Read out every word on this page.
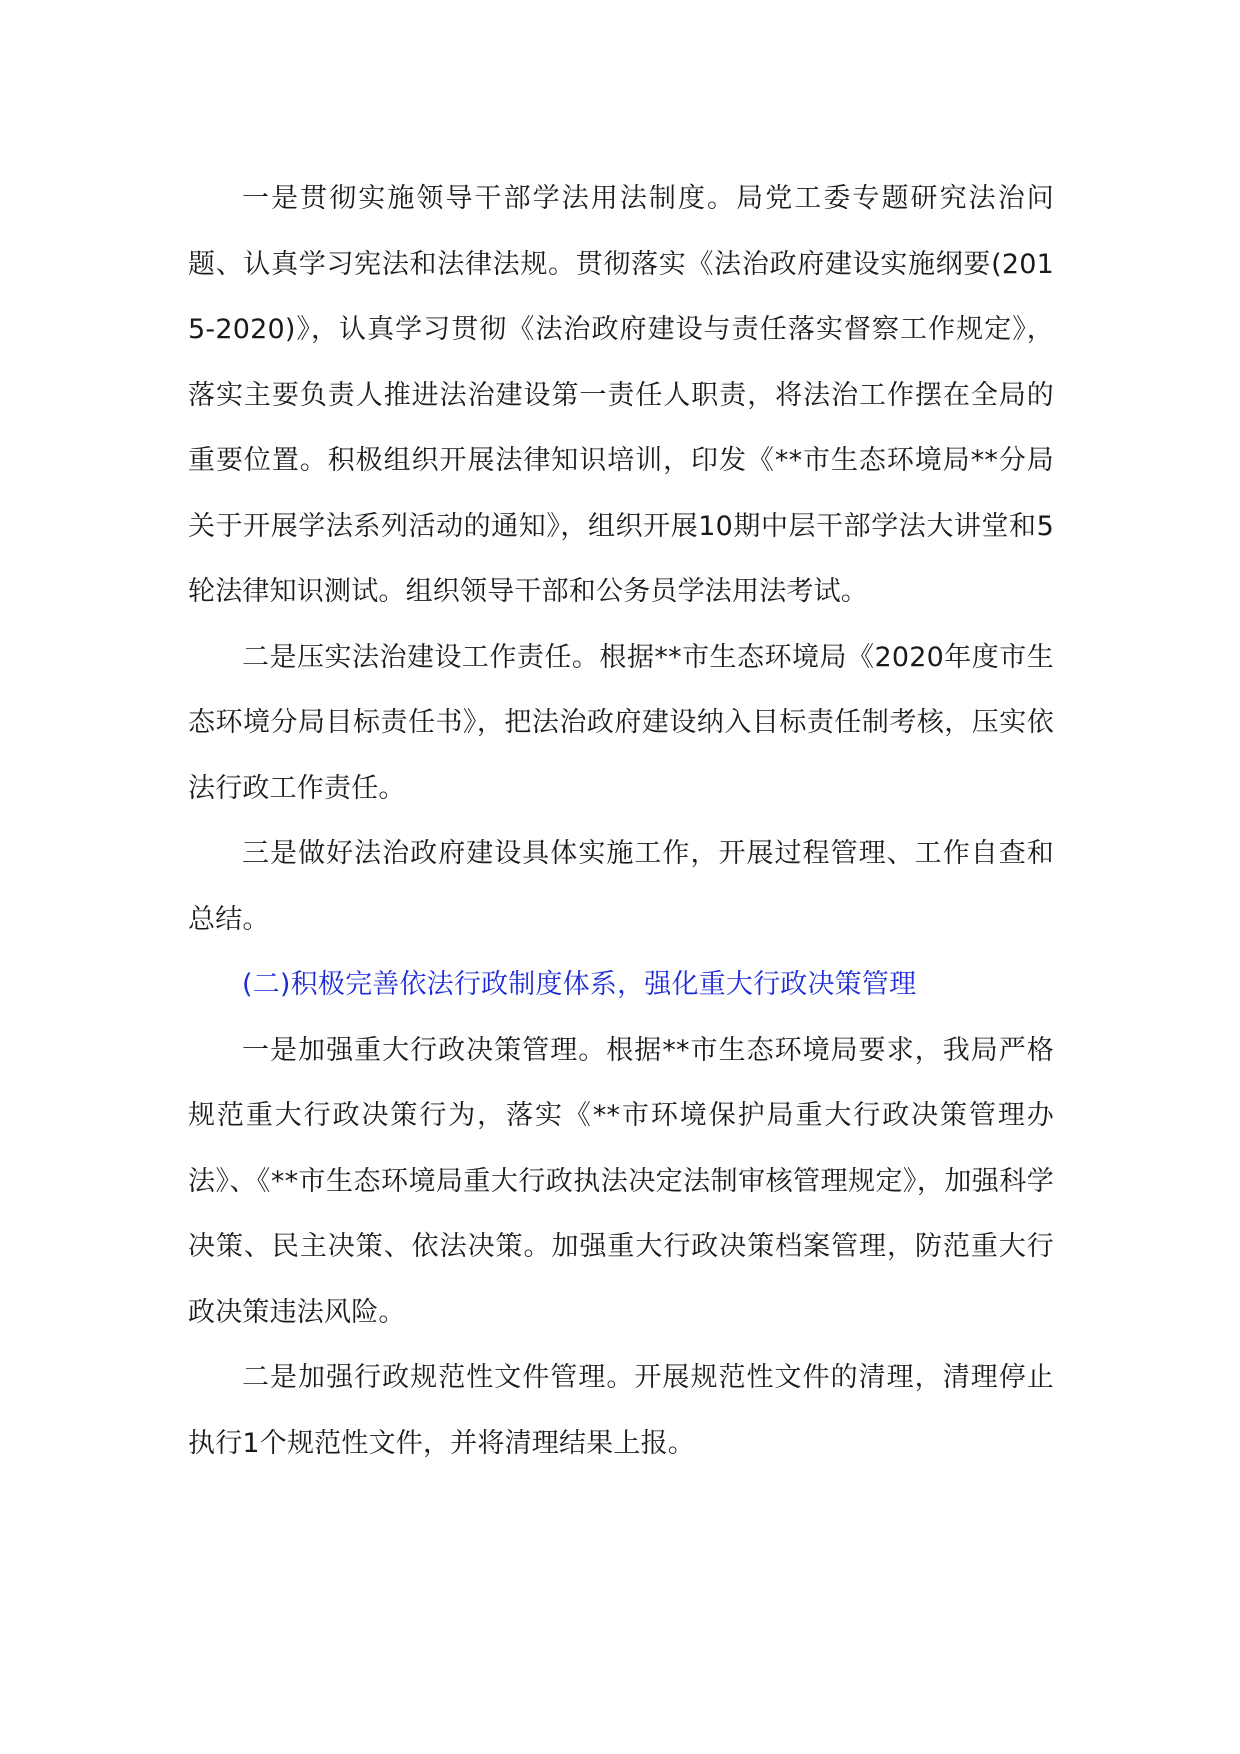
一是贯彻实施领导干部学法用法制度。局党工委专题研究法治问题、认真学习宪法和法律法规。贯彻落实《法治政府建设实施纲要(2015-2020)》，认真学习贯彻《法治政府建设与责任落实督察工作规定》，落实主要负责人推进法治建设第一责任人职责，将法治工作摆在全局的重要位置。积极组织开展法律知识培训，印发《**市生态环境局**分局关于开展学法系列活动的通知》，组织开展10期中层干部学法大讲堂和5轮法律知识测试。组织领导干部和公务员学法用法考试。

二是压实法治建设工作责任。根据**市生态环境局《2020年度市生态环境分局目标责任书》，把法治政府建设纳入目标责任制考核，压实依法行政工作责任。

三是做好法治政府建设具体实施工作，开展过程管理、工作自查和总结。

(二)积极完善依法行政制度体系，强化重大行政决策管理

一是加强重大行政决策管理。根据**市生态环境局要求，我局严格规范重大行政决策行为，落实《**市环境保护局重大行政决策管理办法》、《**市生态环境局重大行政执法决定法制审核管理规定》，加强科学决策、民主决策、依法决策。加强重大行政决策档案管理，防范重大行政决策违法风险。

二是加强行政规范性文件管理。开展规范性文件的清理，清理停止执行1个规范性文件，并将清理结果上报。
